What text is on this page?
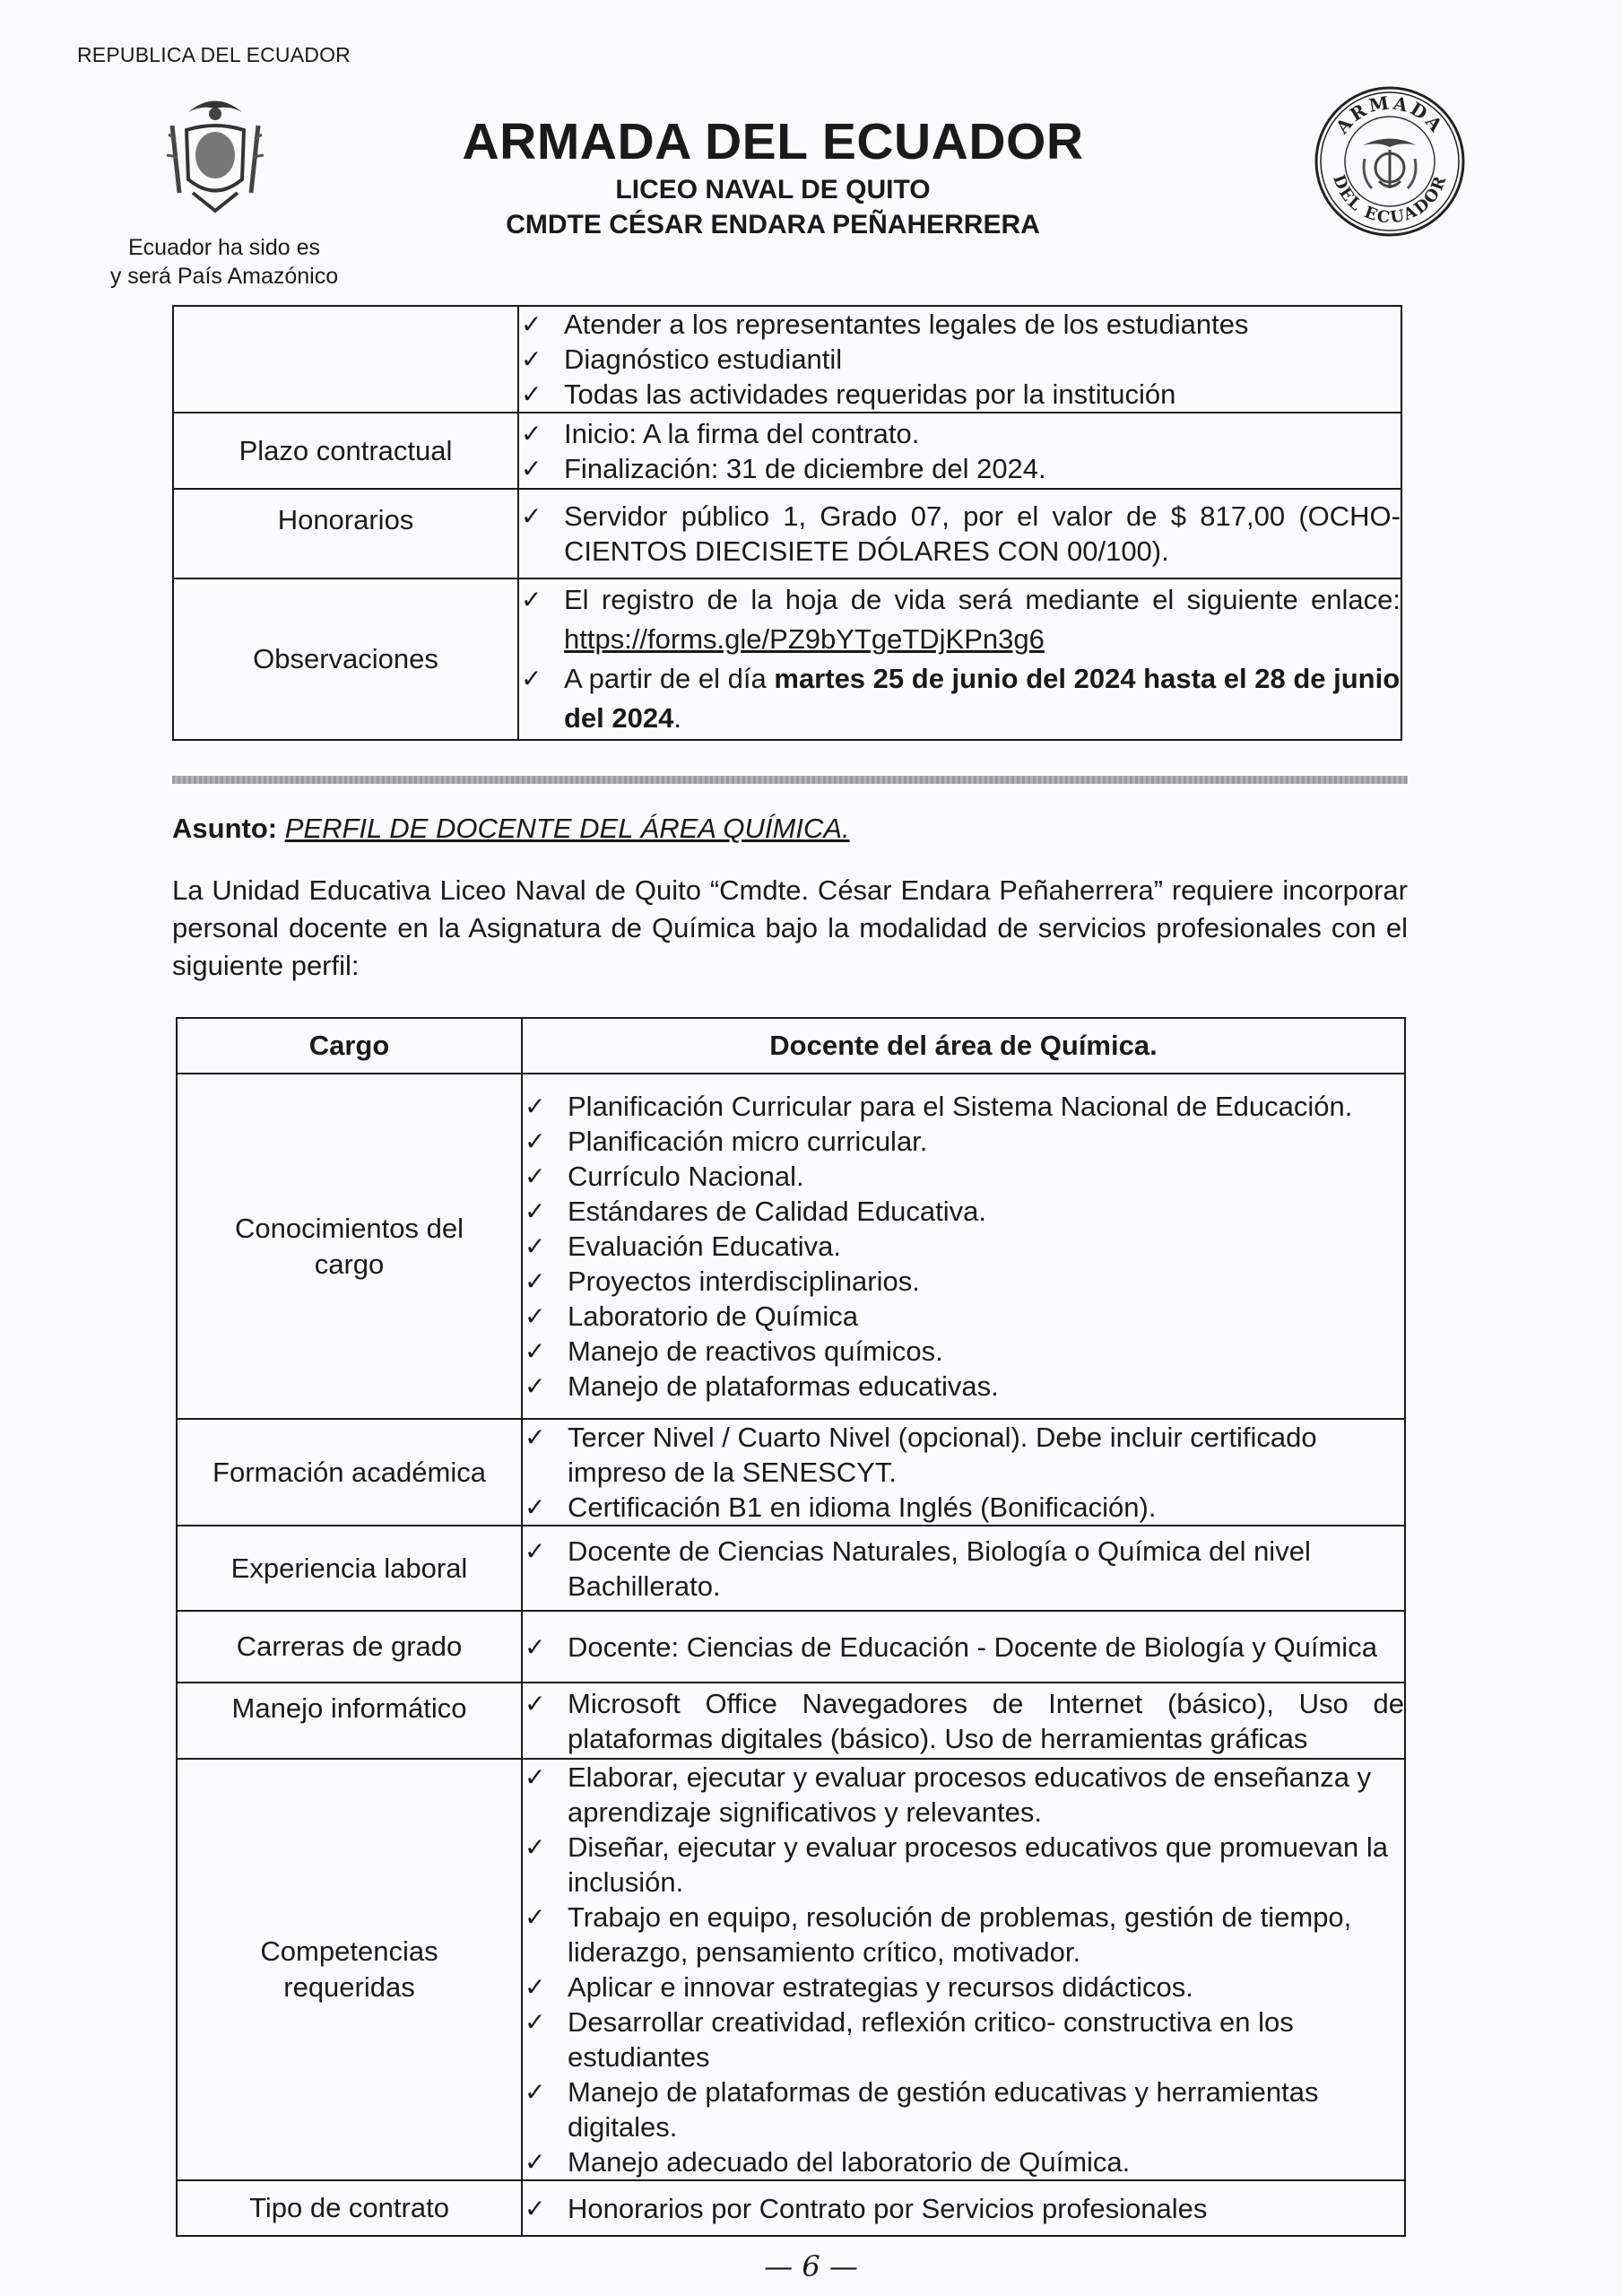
REPUBLICA DEL ECUADOR
Ecuador ha sido es
y será País Amazónico
ARMADA DEL ECUADOR
LICEO NAVAL DE QUITO
CMDTE CÉSAR ENDARA PEÑAHERRERA
ARMADA
DEL ECUADOR

✓ Atender a los representantes legales de los estudiantes
✓ Diagnóstico estudiantil
✓ Todas las actividades requeridas por la institución

Plazo contractual	
✓ Inicio: A la firma del contrato.
✓ Finalización: 31 de diciembre del 2024.

Honorarios	✓ Servidor público 1, Grado 07, por el valor de $ 817,00 (OCHO-CIENTOS DIECISIETE DÓLARES CON 00/100).

Observaciones	
✓ El registro de la hoja de vida será mediante el siguiente enlace: https://forms.gle/PZ9bYTgeTDjKPn3g6
✓ A partir de el día martes 25 de junio del 2024 hasta el 28 de junio del 2024.
Asunto: PERFIL DE DOCENTE DEL ÁREA QUÍMICA.
La Unidad Educativa Liceo Naval de Quito “Cmdte. César Endara Peñaherrera” requiere incorporar personal docente en la Asignatura de Química bajo la modalidad de servicios profesionales con el siguiente perfil:
Cargo	Docente del área de Química.
Conocimientos del cargo	
✓ Planificación Curricular para el Sistema Nacional de Educación.
✓ Planificación micro curricular.
✓ Currículo Nacional.
✓ Estándares de Calidad Educativa.
✓ Evaluación Educativa.
✓ Proyectos interdisciplinarios.
✓ Laboratorio de Química
✓ Manejo de reactivos químicos.
✓ Manejo de plataformas educativas.

Formación académica	
✓ Tercer Nivel / Cuarto Nivel (opcional). Debe incluir certificado impreso de la SENESCYT.
✓ Certificación B1 en idioma Inglés (Bonificación).

Experiencia laboral	
✓ Docente de Ciencias Naturales, Biología o Química del nivel Bachillerato.

Carreras de grado	✓ Docente: Ciencias de Educación - Docente de Biología y Química

Manejo informático	✓ Microsoft Office Navegadores de Internet (básico), Uso de plataformas digitales (básico). Uso de herramientas gráficas

Competencias requeridas	
✓ Elaborar, ejecutar y evaluar procesos educativos de enseñanza y aprendizaje significativos y relevantes.
✓ Diseñar, ejecutar y evaluar procesos educativos que promuevan la inclusión.
✓ Trabajo en equipo, resolución de problemas, gestión de tiempo, liderazgo, pensamiento crítico, motivador.
✓ Aplicar e innovar estrategias y recursos didácticos.
✓ Desarrollar creatividad, reflexión critico- constructiva en los estudiantes
✓ Manejo de plataformas de gestión educativas y herramientas digitales.
✓ Manejo adecuado del laboratorio de Química.

Tipo de contrato	✓ Honorarios por Contrato por Servicios profesionales
— 6 —
